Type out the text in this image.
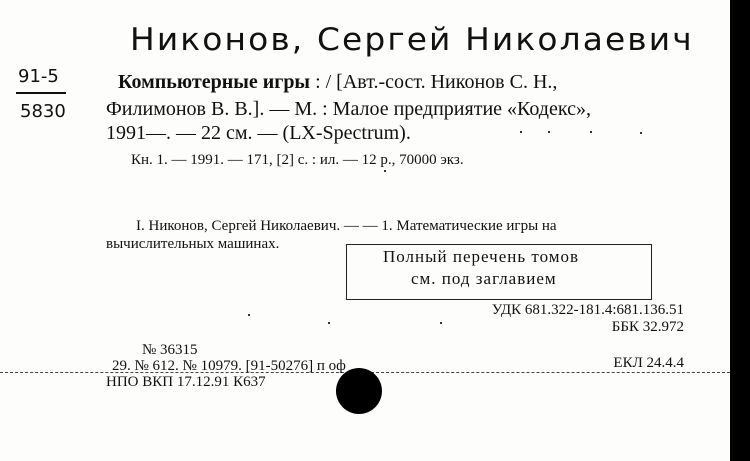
Никонов, Сергей Николаевич
91-5
5830
Компьютерные игры : / [Авт.-сост. Никонов С. Н.,
Филимонов В. В.]. — М. : Малое предприятие «Кодекс»,
1991—. — 22 см. — (LX-Spectrum).
Кн. 1. — 1991. — 171, [2] с. : ил. — 12 р., 70000 экз.
I. Никонов, Сергей Николаевич. — — 1. Математические игры на
вычислительных машинах.
Полный перечень томов
см. под заглавием
УДК 681.322-181.4:681.136.51
ББК 32.972
№ 36315
29. № 612. № 10979. [91-50276] п оф	ЕКЛ 24.4.4
НПО ВКП 17.12.91 К637
